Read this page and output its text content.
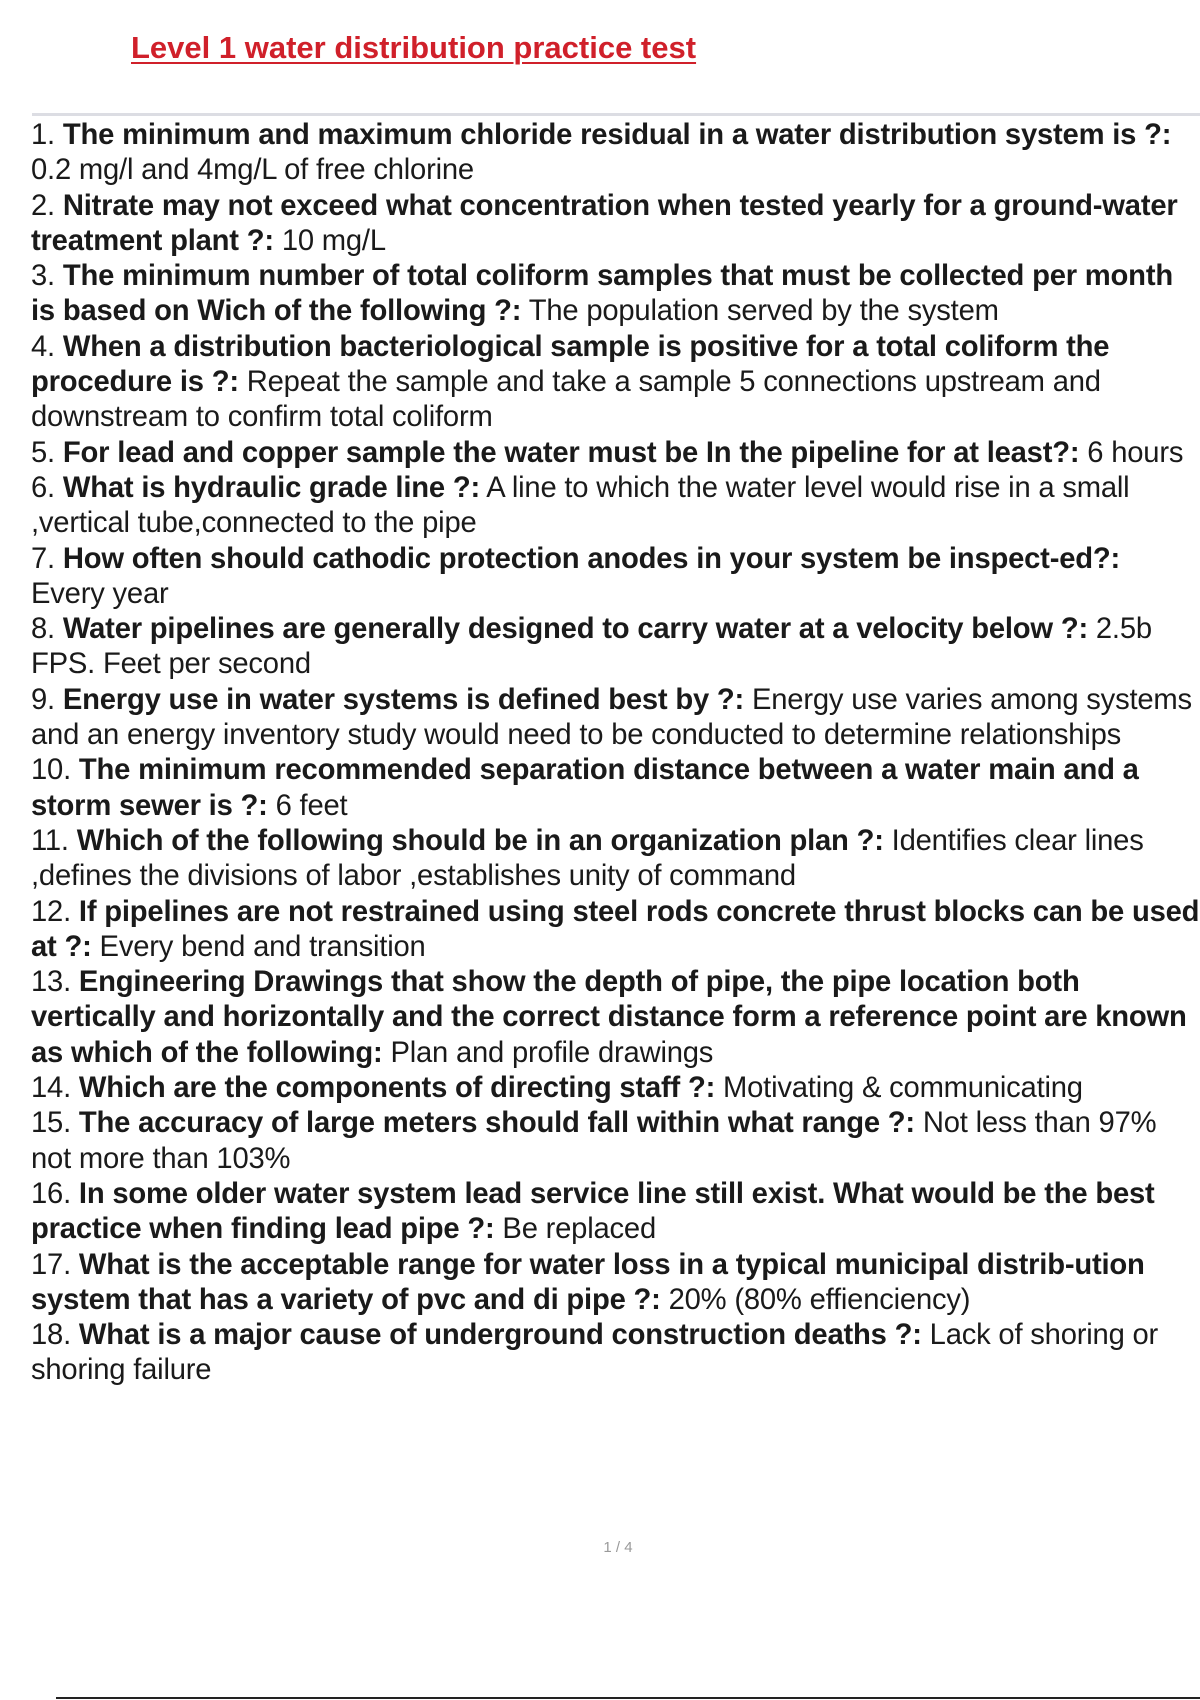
Level 1 water distribution practice test
1. The minimum and maximum chloride residual in a water distribution system is ?: 0.2 mg/l and 4mg/L of free chlorine
2. Nitrate may not exceed what concentration when tested yearly for a ground-water treatment plant ?: 10 mg/L
3. The minimum number of total coliform samples that must be collected per month is based on Wich of the following ?: The population served by the system
4. When a distribution bacteriological sample is positive for a total coliform the procedure is ?: Repeat the sample and take a sample 5 connections upstream and downstream to confirm total coliform
5. For lead and copper sample the water must be In the pipeline for at least?: 6 hours
6. What is hydraulic grade line ?: A line to which the water level would rise in a small ,vertical tube,connected to the pipe
7. How often should cathodic protection anodes in your system be inspect-ed?: Every year
8. Water pipelines are generally designed to carry water at a velocity below ?: 2.5b FPS. Feet per second
9. Energy use in water systems is defined best by ?: Energy use varies among systems and an energy inventory study would need to be conducted to determine relationships
10. The minimum recommended separation distance between a water main and a storm sewer is ?: 6 feet
11. Which of the following should be in an organization plan ?: Identifies clear lines ,defines the divisions of labor ,establishes unity of command
12. If pipelines are not restrained using steel rods concrete thrust blocks can be used at ?: Every bend and transition
13. Engineering Drawings that show the depth of pipe, the pipe location both vertically and horizontally and the correct distance form a reference point are known as which of the following: Plan and profile drawings
14. Which are the components of directing staff ?: Motivating & communicating
15. The accuracy of large meters should fall within what range ?: Not less than 97% not more than 103%
16. In some older water system lead service line still exist. What would be the best practice when finding lead pipe ?: Be replaced
17. What is the acceptable range for water loss in a typical municipal distrib-ution system that has a variety of pvc and di pipe ?: 20% (80% effienciency)
18. What is a major cause of underground construction deaths ?: Lack of shoring or shoring failure
1 / 4
